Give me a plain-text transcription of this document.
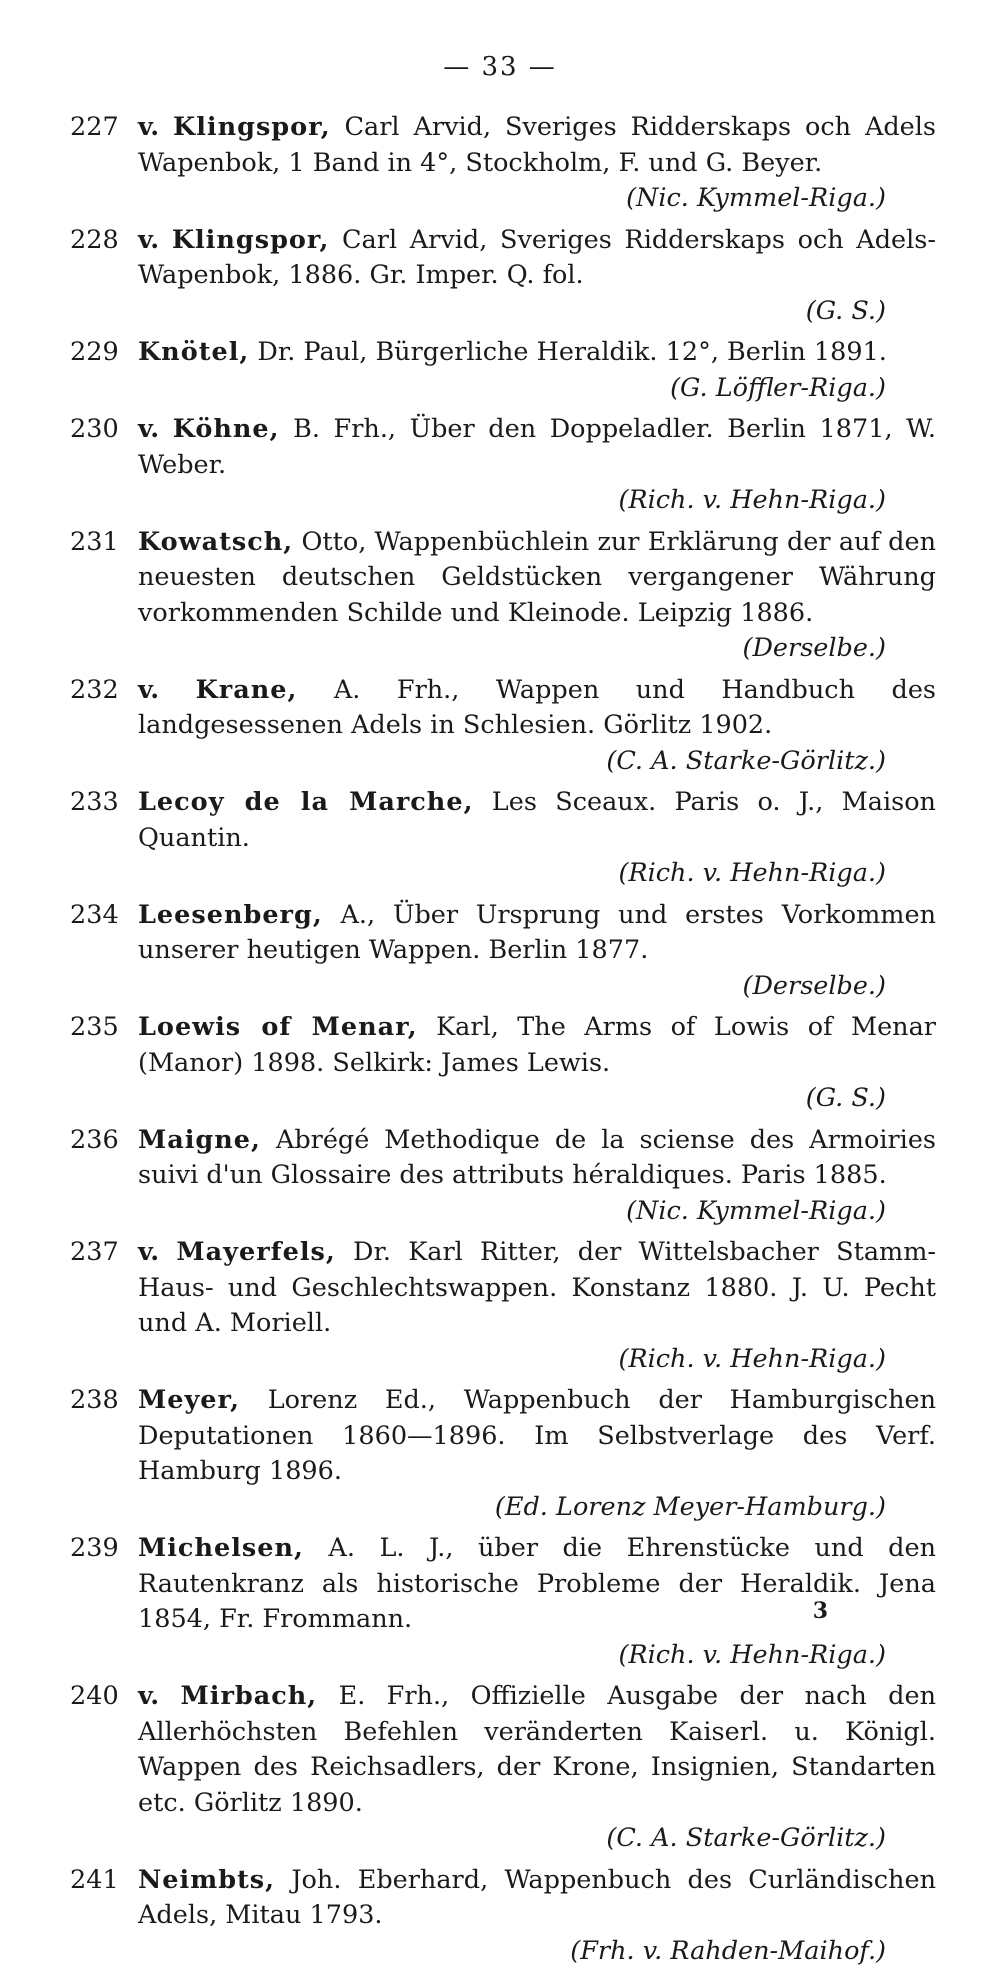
— 33 —
227 v. Klingspor, Carl Arvid, Sveriges Ridderskaps och Adels Wapenbok, 1 Band in 4°, Stockholm, F. und G. Beyer.
(Nic. Kymmel-Riga.)
228 v. Klingspor, Carl Arvid, Sveriges Ridderskaps och Adels-Wapenbok, 1886. Gr. Imper. Q. fol.
(G. S.)
229 Knötel, Dr. Paul, Bürgerliche Heraldik. 12°, Berlin 1891.
(G. Löffler-Riga.)
230 v. Köhne, B. Frh., Über den Doppeladler. Berlin 1871, W. Weber.
(Rich. v. Hehn-Riga.)
231 Kowatsch, Otto, Wappenbüchlein zur Erklärung der auf den neuesten deutschen Geldstücken vergangener Währung vorkommenden Schilde und Kleinode. Leipzig 1886.
(Derselbe.)
232 v. Krane, A. Frh., Wappen und Handbuch des landgesessenen Adels in Schlesien. Görlitz 1902.
(C. A. Starke-Görlitz.)
233 Lecoy de la Marche, Les Sceaux. Paris o. J., Maison Quantin.
(Rich. v. Hehn-Riga.)
234 Leesenberg, A., Über Ursprung und erstes Vorkommen unserer heutigen Wappen. Berlin 1877.
(Derselbe.)
235 Loewis of Menar, Karl, The Arms of Lowis of Menar (Manor) 1898. Selkirk: James Lewis.
(G. S.)
236 Maigne, Abrégé Methodique de la sciense des Armoiries suivi d'un Glossaire des attributs héraldiques. Paris 1885.
(Nic. Kymmel-Riga.)
237 v. Mayerfels, Dr. Karl Ritter, der Wittelsbacher Stamm-Haus- und Geschlechtswappen. Konstanz 1880. J. U. Pecht und A. Moriell.
(Rich. v. Hehn-Riga.)
238 Meyer, Lorenz Ed., Wappenbuch der Hamburgischen Deputationen 1860—1896. Im Selbstverlage des Verf. Hamburg 1896.
(Ed. Lorenz Meyer-Hamburg.)
239 Michelsen, A. L. J., über die Ehrenstücke und den Rautenkranz als historische Probleme der Heraldik. Jena 1854, Fr. Frommann.
(Rich. v. Hehn-Riga.)
240 v. Mirbach, E. Frh., Offizielle Ausgabe der nach den Allerhöchsten Befehlen veränderten Kaiserl. u. Königl. Wappen des Reichsadlers, der Krone, Insignien, Standarten etc. Görlitz 1890.
(C. A. Starke-Görlitz.)
241 Neimbts, Joh. Eberhard, Wappenbuch des Curländischen Adels, Mitau 1793.
(Frh. v. Rahden-Maihof.)
3
